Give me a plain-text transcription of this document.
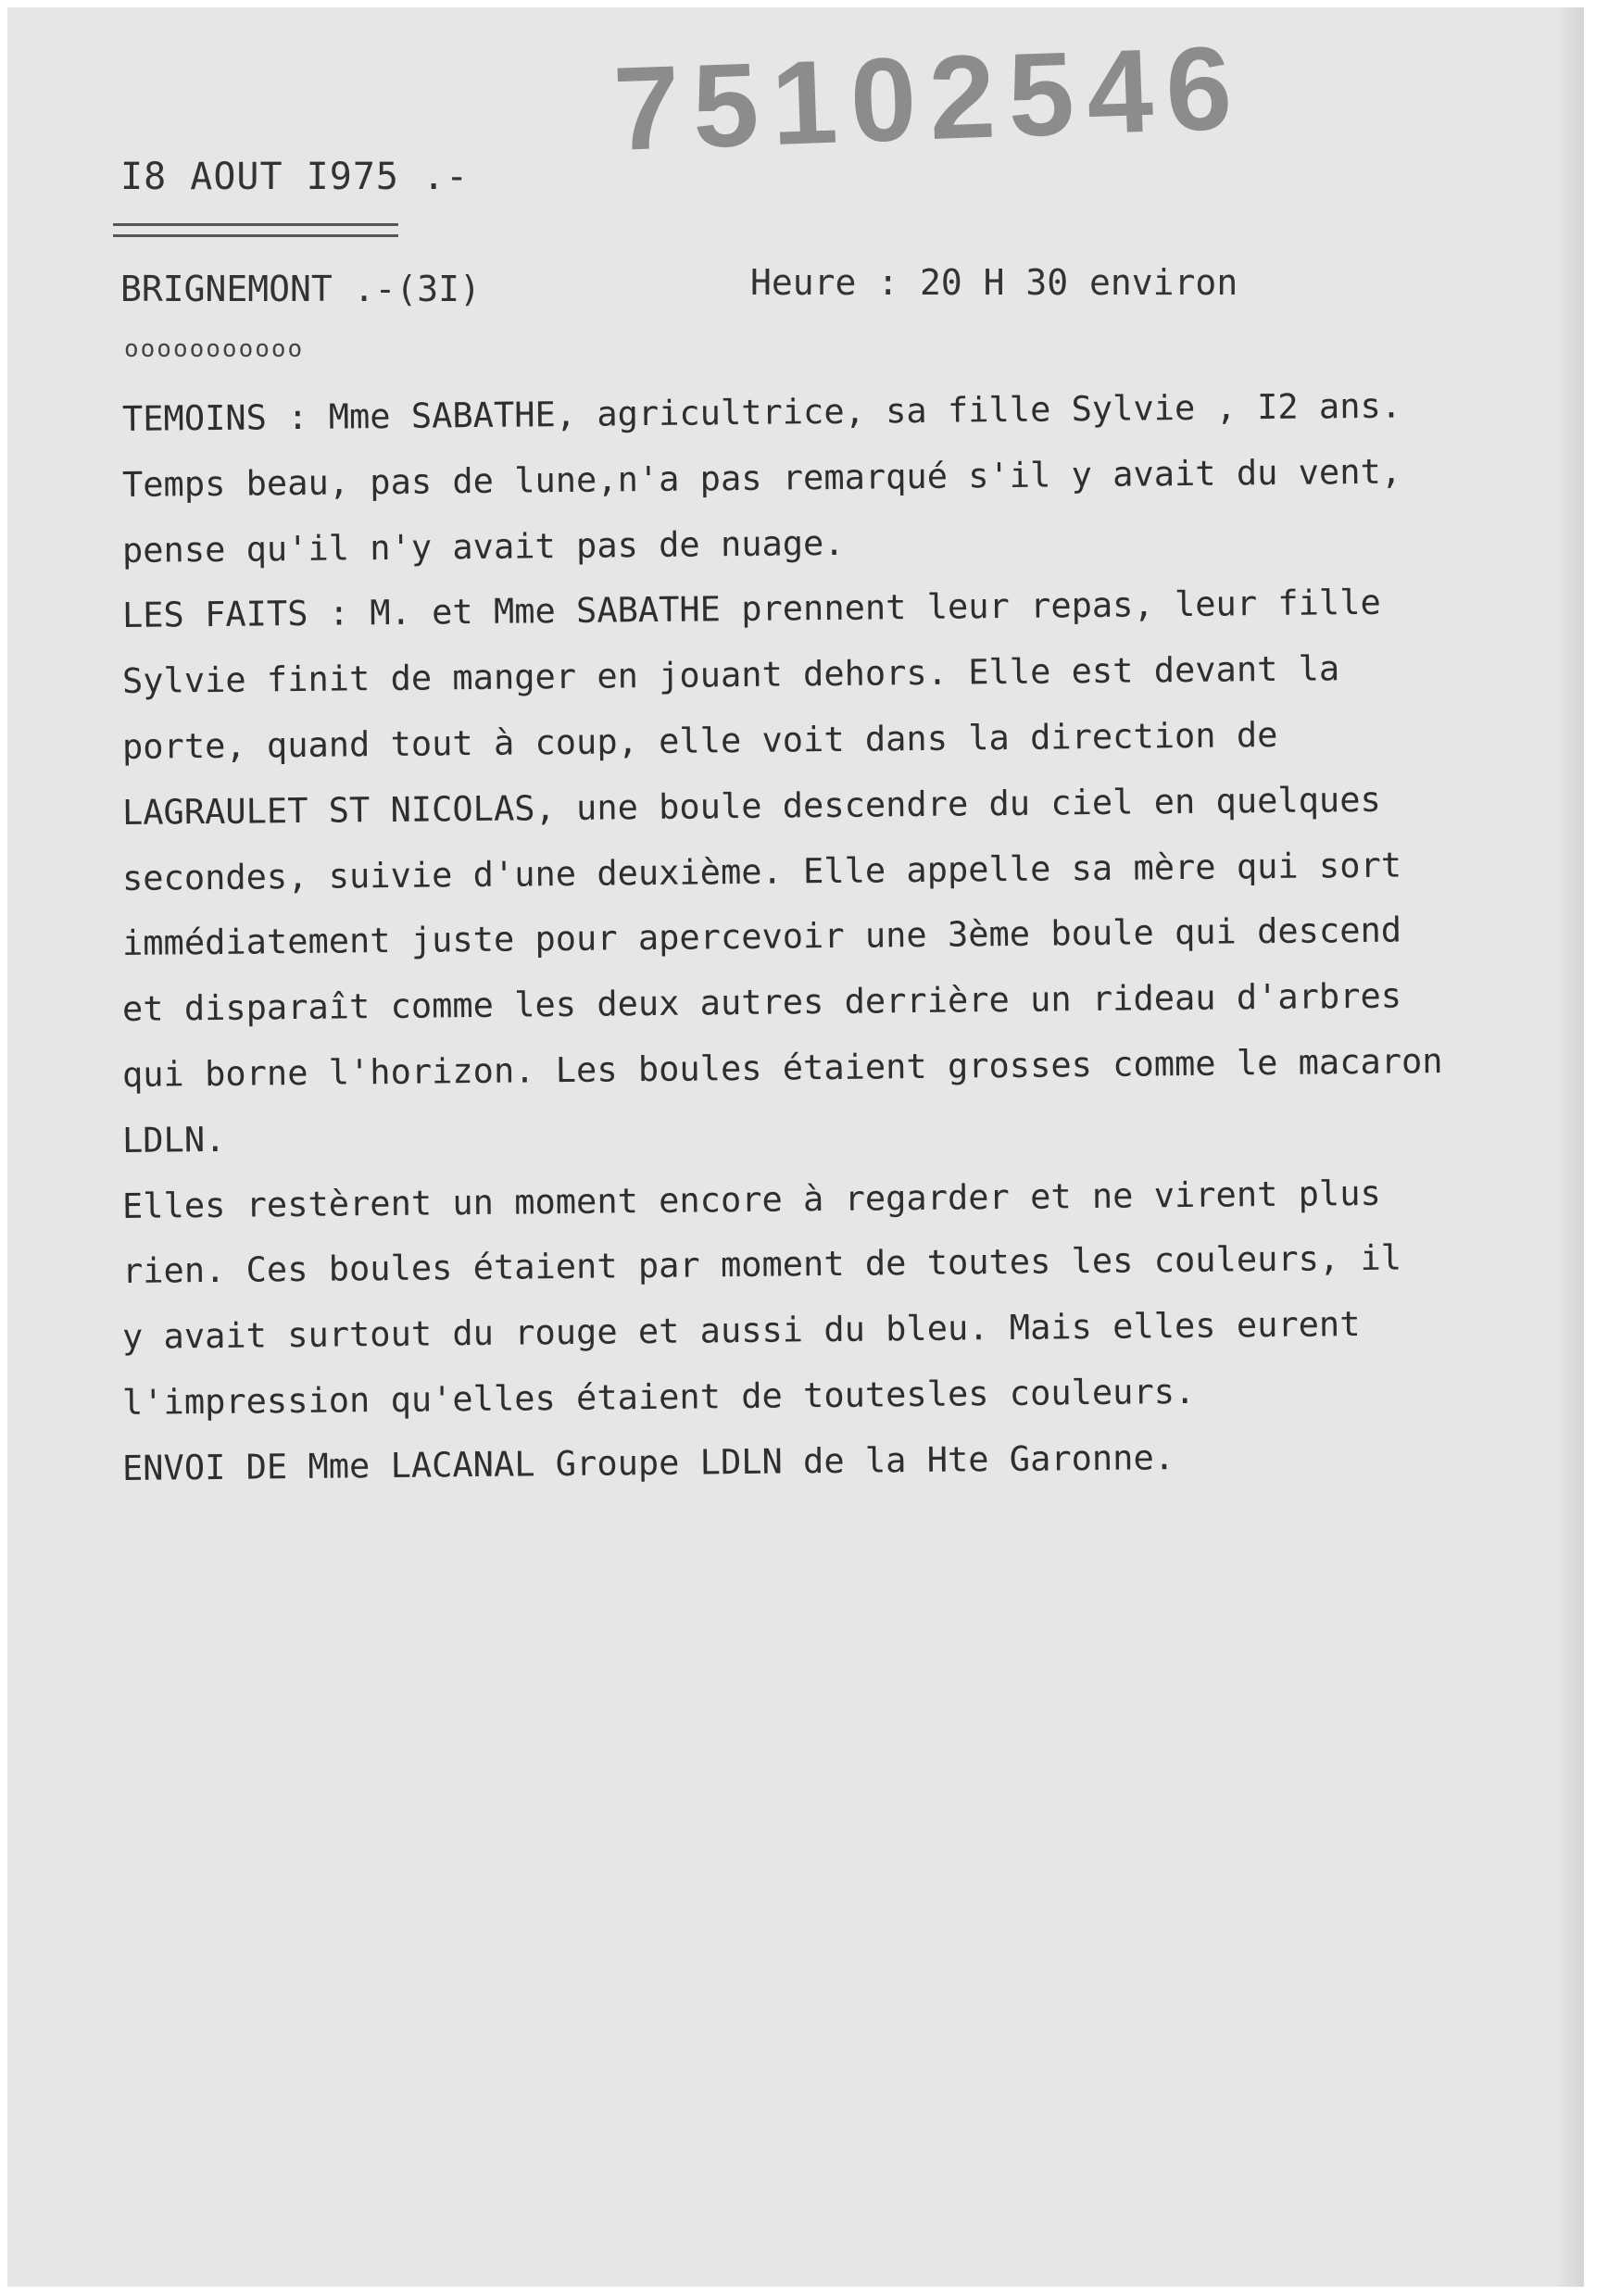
75102546
I8 AOUT I975 .-
BRIGNEMONT .-(3I)	Heure : 20 H 30 environ
ooooooooooo
TEMOINS : Mme SABATHE, agricultrice, sa fille Sylvie , I2 ans.
Temps beau, pas de lune,n'a pas remarqué s'il y avait du vent,
pense qu'il n'y avait pas de nuage.
LES FAITS : M. et Mme SABATHE prennent leur repas, leur fille
Sylvie finit de manger en jouant dehors. Elle est devant la
porte, quand tout à coup, elle voit dans la direction de
LAGRAULET ST NICOLAS, une boule descendre du ciel en quelques
secondes, suivie d'une deuxième. Elle appelle sa mère qui sort
immédiatement juste pour apercevoir une 3ème boule qui descend
et disparaît comme les deux autres derrière un rideau d'arbres
qui borne l'horizon. Les boules étaient grosses comme le macaron
LDLN.
Elles restèrent un moment encore à regarder et ne virent plus
rien. Ces boules étaient par moment de toutes les couleurs, il
y avait surtout du rouge et aussi du bleu. Mais elles eurent
l'impression qu'elles étaient de toutesles couleurs.
ENVOI DE Mme LACANAL Groupe LDLN de la Hte Garonne.
